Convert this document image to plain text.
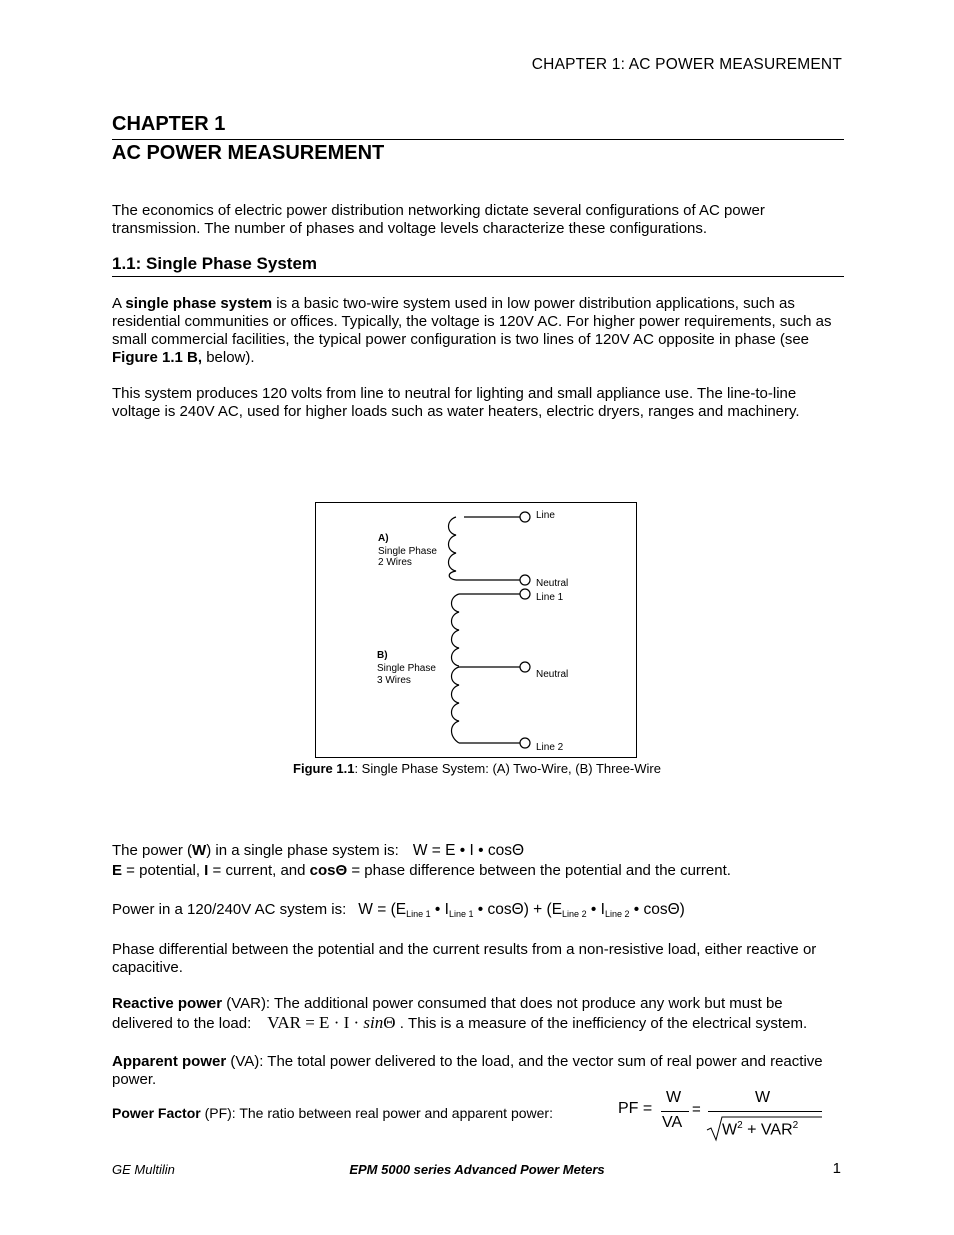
CHAPTER 1: AC POWER MEASUREMENT
CHAPTER 1
AC POWER MEASUREMENT
The economics of electric power distribution networking dictate several configurations of AC power transmission. The number of phases and voltage levels characterize these configurations.
1.1: Single Phase System
A single phase system is a basic two-wire system used in low power distribution applications, such as residential communities or offices. Typically, the voltage is 120V AC. For higher power requirements, such as small commercial facilities, the typical power configuration is two lines of 120V AC opposite in phase (see Figure 1.1 B, below).
This system produces 120 volts from line to neutral for lighting and small appliance use. The line-to-line voltage is 240V AC, used for higher loads such as water heaters, electric dryers, ranges and machinery.
A)
Single Phase
2 Wires
B)
Single Phase
3 Wires
Line
Neutral
Line 1
Neutral
Line 2
Figure 1.1: Single Phase System: (A) Two-Wire, (B) Three-Wire
The power (W) in a single phase system is: W = E • I • cosΘ
E = potential, I = current, and cosΘ = phase difference between the potential and the current.
Power in a 120/240V AC system is: $W = (E_{Line 1}$ • $I_{Line 1}$ • $\cos\Theta) + (E_{Line 2}$ • $I_{Line 2}$ • cosΘ)
Phase differential between the potential and the current results from a non-resistive load, either reactive or capacitive.
Reactive power (VAR): The additional power consumed that does not produce any work but must be
delivered to the load: VAR = E · I · sinΘ . This is a measure of the inefficiency of the electrical system.
Apparent power (VA): The total power delivered to the load, and the vector sum of real power and reactive power.
Power Factor (PF): The ratio between real power and apparent power:	PF =
W
VA
=
W
$W^2 + VAR^2$
GE Multilin	EPM 5000 series Advanced Power Meters	1
